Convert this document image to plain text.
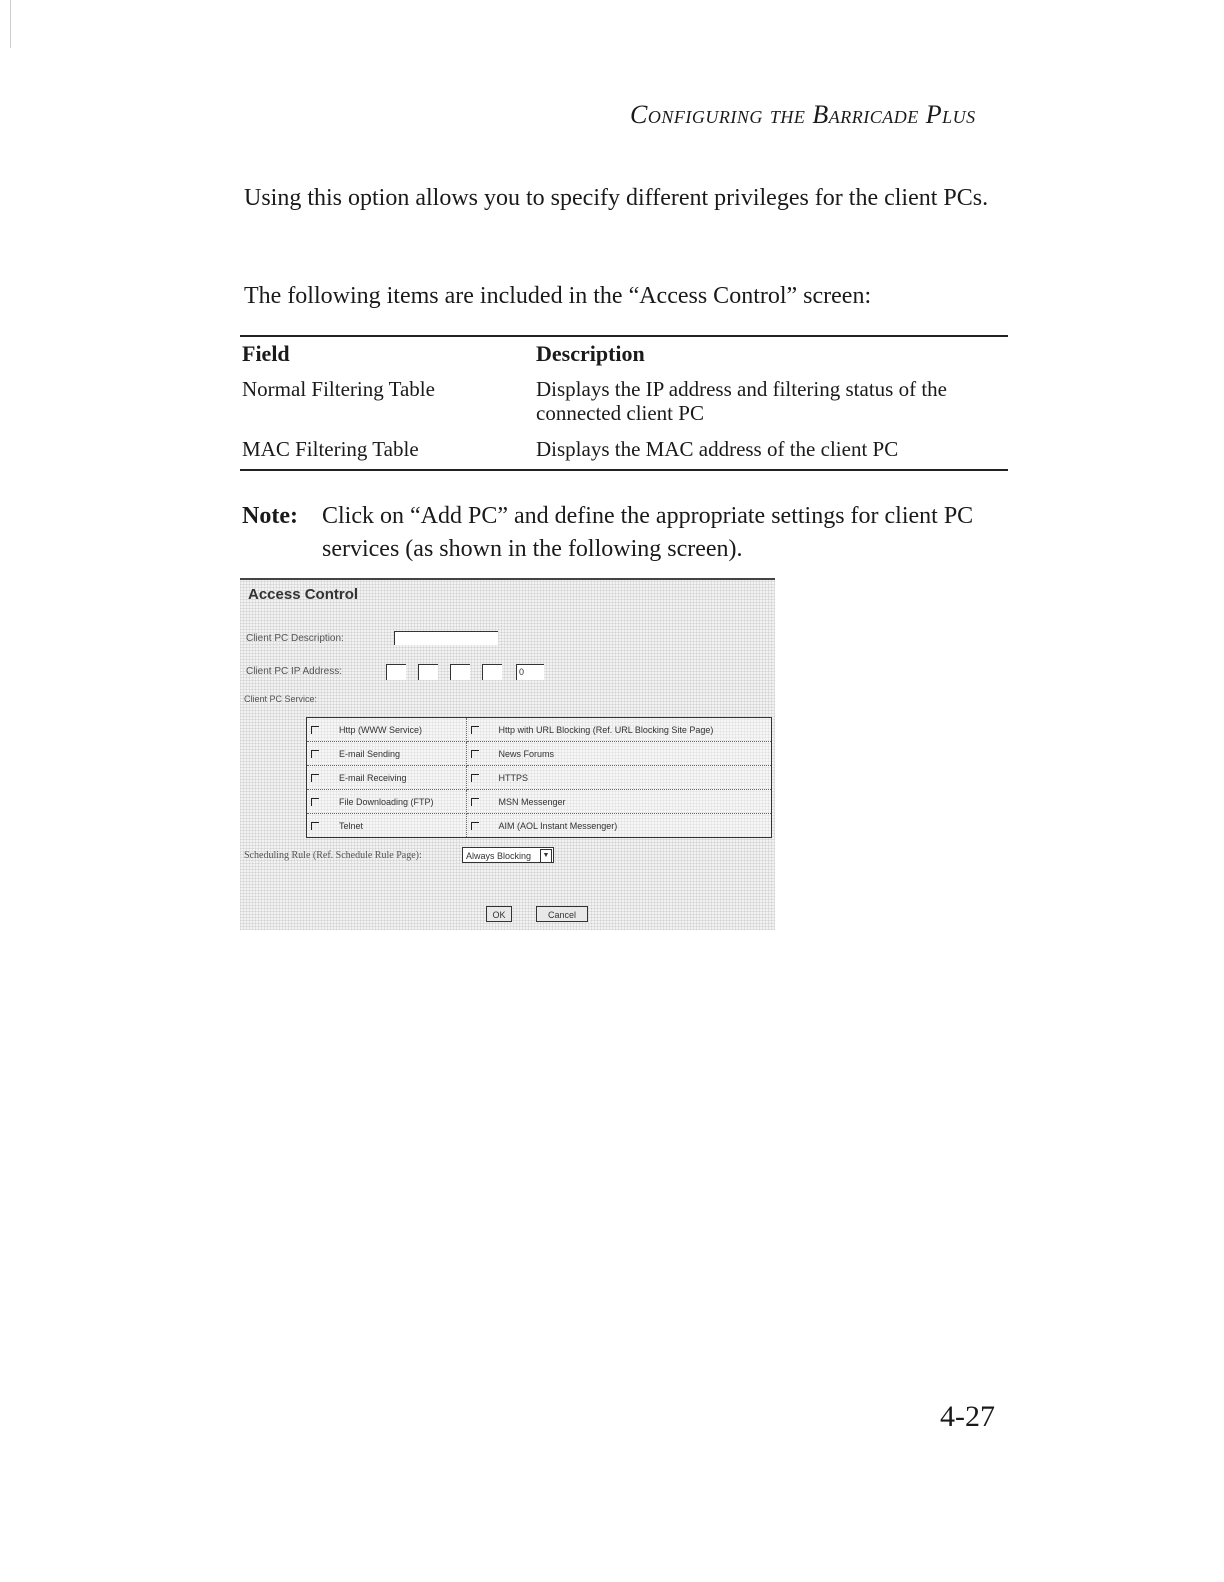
Configuring the Barricade Plus

Using this option allows you to specify different privileges for the client PCs.

The following items are included in the “Access Control” screen:

Field	Description
Normal Filtering Table	Displays the IP address and filtering status of the connected client PC
MAC Filtering Table	Displays the MAC address of the client PC
Note: Click on “Add PC” and define the appropriate settings for client PC services (as shown in the following screen).
Access Control
Client PC Description:
Client PC IP Address:	0
Client PC Service:
Http (WWW Service)	Http with URL Blocking (Ref. URL Blocking Site Page)
E-mail Sending	News Forums
E-mail Receiving	HTTPS
File Downloading (FTP)	MSN Messenger
Telnet	AIM (AOL Instant Messenger)
Scheduling Rule (Ref. Schedule Rule Page):	Always Blocking	▼
OK	Cancel
4-27
